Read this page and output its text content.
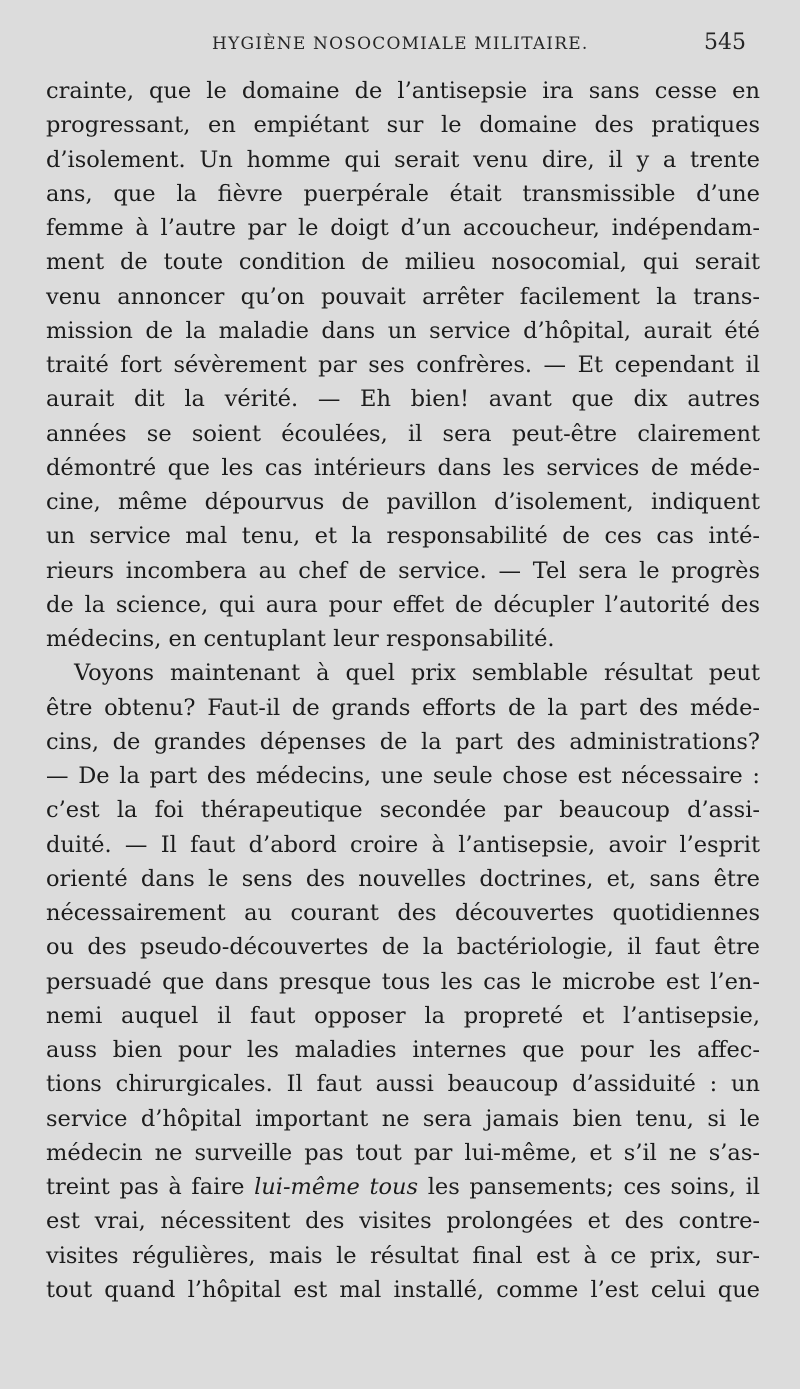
HYGIÈNE NOSOCOMIALE MILITAIRE.	545
crainte, que le domaine de l’antisepsie ira sans cesse en
progressant, en empiétant sur le domaine des pratiques
d’isolement. Un homme qui serait venu dire, il y a trente
ans, que la fièvre puerpérale était transmissible d’une
femme à l’autre par le doigt d’un accoucheur, indépendam-
ment de toute condition de milieu nosocomial, qui serait
venu annoncer qu’on pouvait arrêter facilement la trans-
mission de la maladie dans un service d’hôpital, aurait été
traité fort sévèrement par ses confrères. — Et cependant il
aurait dit la vérité. — Eh bien! avant que dix autres
années se soient écoulées, il sera peut-être clairement
démontré que les cas intérieurs dans les services de méde-
cine, même dépourvus de pavillon d’isolement, indiquent
un service mal tenu, et la responsabilité de ces cas inté-
rieurs incombera au chef de service. — Tel sera le progrès
de la science, qui aura pour effet de décupler l’autorité des
médecins, en centuplant leur responsabilité.
Voyons maintenant à quel prix semblable résultat peut
être obtenu? Faut-il de grands efforts de la part des méde-
cins, de grandes dépenses de la part des administrations?
— De la part des médecins, une seule chose est nécessaire :
c’est la foi thérapeutique secondée par beaucoup d’assi-
duité. — Il faut d’abord croire à l’antisepsie, avoir l’esprit
orienté dans le sens des nouvelles doctrines, et, sans être
nécessairement au courant des découvertes quotidiennes
ou des pseudo-découvertes de la bactériologie, il faut être
persuadé que dans presque tous les cas le microbe est l’en-
nemi auquel il faut opposer la propreté et l’antisepsie,
auss bien pour les maladies internes que pour les affec-
tions chirurgicales. Il faut aussi beaucoup d’assiduité : un
service d’hôpital important ne sera jamais bien tenu, si le
médecin ne surveille pas tout par lui-même, et s’il ne s’as-
treint pas à faire lui-même tous les pansements; ces soins, il
est vrai, nécessitent des visites prolongées et des contre-
visites régulières, mais le résultat final est à ce prix, sur-
tout quand l’hôpital est mal installé, comme l’est celui que
